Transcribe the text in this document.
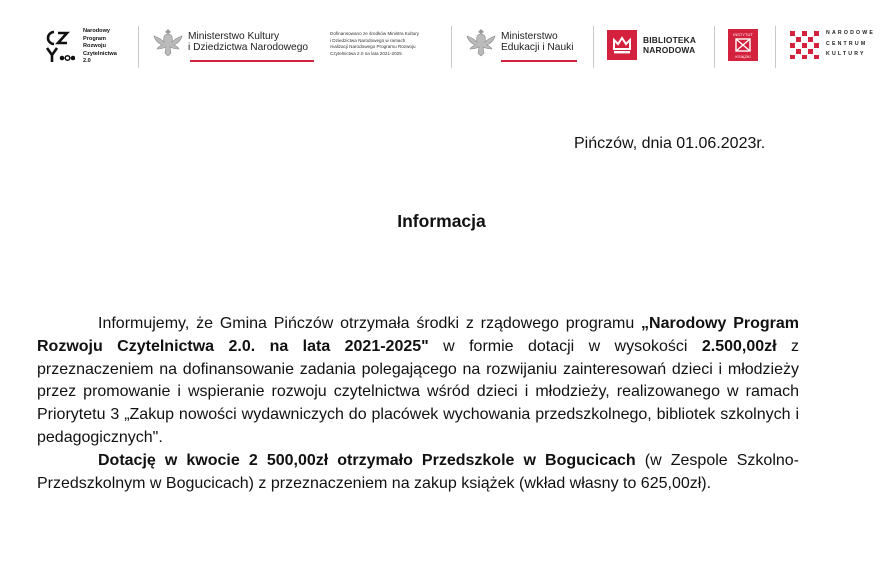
Narodowy
Program
Rozwoju
Czytelnictwa
2.0
Ministerstwo Kultury
i Dziedzictwa Narodowego
Dofinansowano ze środków Ministra Kultury
i Dziedzictwa Narodowego w ramach
realizacji Narodowego Programu Rozwoju
Czytelnictwa 2.0 na lata 2021-2025
Ministerstwo
Edukacji i Nauki
BIBLIOTEKA
NARODOWA
INSTYTUT
KSIĄŻKI
NARODOWE
CENTRUM
KULTURY
Pińczów, dnia 01.06.2023r.
Informacja

Informujemy, że Gmina Pińczów otrzymała środki z rządowego programu „Narodowy Program Rozwoju Czytelnictwa 2.0. na lata 2021-2025" w formie dotacji w wysokości 2.500,00zł z przeznaczeniem na dofinansowanie zadania polegającego na rozwijaniu zainteresowań dzieci i młodzieży przez promowanie i wspieranie rozwoju czytelnictwa wśród dzieci i młodzieży, realizowanego w ramach Priorytetu 3 „Zakup nowości wydawniczych do placówek wychowania przedszkolnego, bibliotek szkolnych i pedagogicznych".

Dotację w kwocie 2 500,00zł otrzymało Przedszkole w Bogucicach (w Zespole Szkolno-Przedszkolnym w Bogucicach) z przeznaczeniem na zakup książek (wkład własny to 625,00zł).
